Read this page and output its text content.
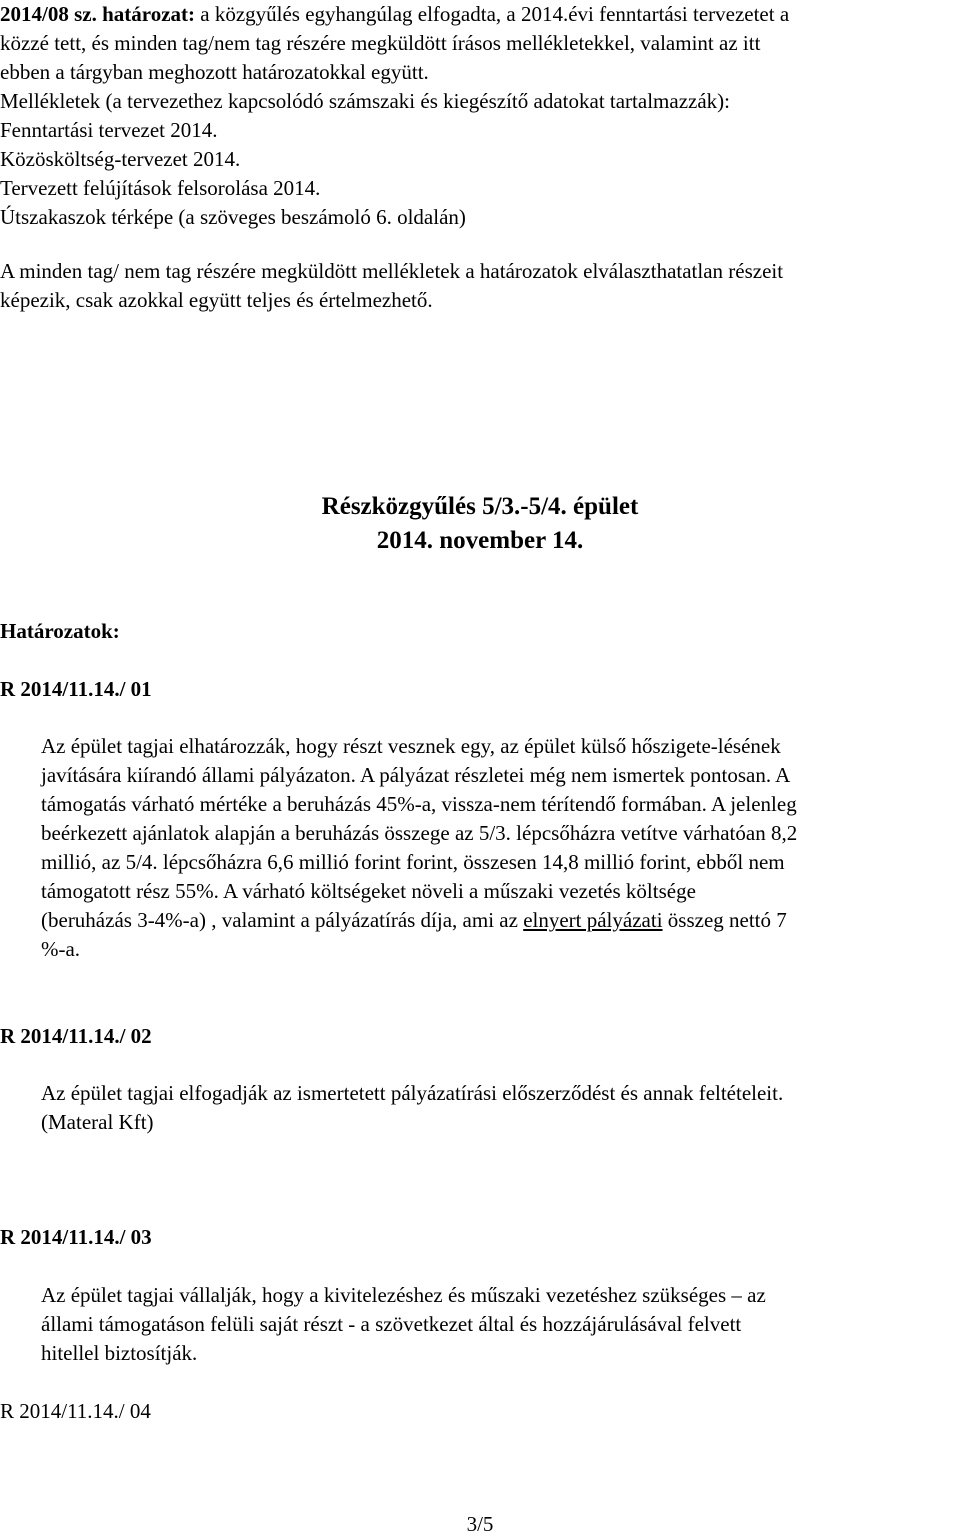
2014/08 sz. határozat: a közgyűlés egyhangúlag elfogadta, a 2014.évi fenntartási tervezetet a
közzé tett, és minden tag/nem tag részére megküldött írásos mellékletekkel, valamint az itt
ebben a tárgyban meghozott határozatokkal együtt.
Mellékletek (a tervezethez kapcsolódó számszaki és kiegészítő adatokat tartalmazzák):
Fenntartási tervezet 2014.
Közösköltség-tervezet 2014.
Tervezett felújítások felsorolása 2014.
Útszakaszok térképe (a szöveges beszámoló 6. oldalán)
A minden tag/ nem tag részére megküldött mellékletek a határozatok elválaszthatatlan részeit
képezik, csak azokkal együtt teljes és értelmezhető.
Részközgyűlés 5/3.-5/4. épület
2014. november 14.
Határozatok:
R 2014/11.14./ 01
Az épület tagjai elhatározzák, hogy részt vesznek egy, az épület külső hőszigete-lésének
javítására kiírandó állami pályázaton. A pályázat részletei még nem ismertek pontosan. A
támogatás várható mértéke a beruházás 45%-a, vissza-nem térítendő formában. A jelenleg
beérkezett ajánlatok alapján a beruházás összege az 5/3. lépcsőházra vetítve várhatóan 8,2
millió, az 5/4. lépcsőházra 6,6 millió forint forint, összesen 14,8 millió forint, ebből nem
támogatott rész 55%. A várható költségeket növeli a műszaki vezetés költsége
(beruházás 3-4%-a) , valamint a pályázatírás díja, ami az elnyert pályázati összeg nettó 7
%-a.
R 2014/11.14./ 02
Az épület tagjai elfogadják az ismertetett pályázatírási előszerződést és annak feltételeit.
(Materal Kft)
R 2014/11.14./ 03
Az épület tagjai vállalják, hogy a kivitelezéshez és műszaki vezetéshez szükséges – az
állami támogatáson felüli saját részt - a szövetkezet által és hozzájárulásával felvett
hitellel biztosítják.
R 2014/11.14./ 04
3/5
